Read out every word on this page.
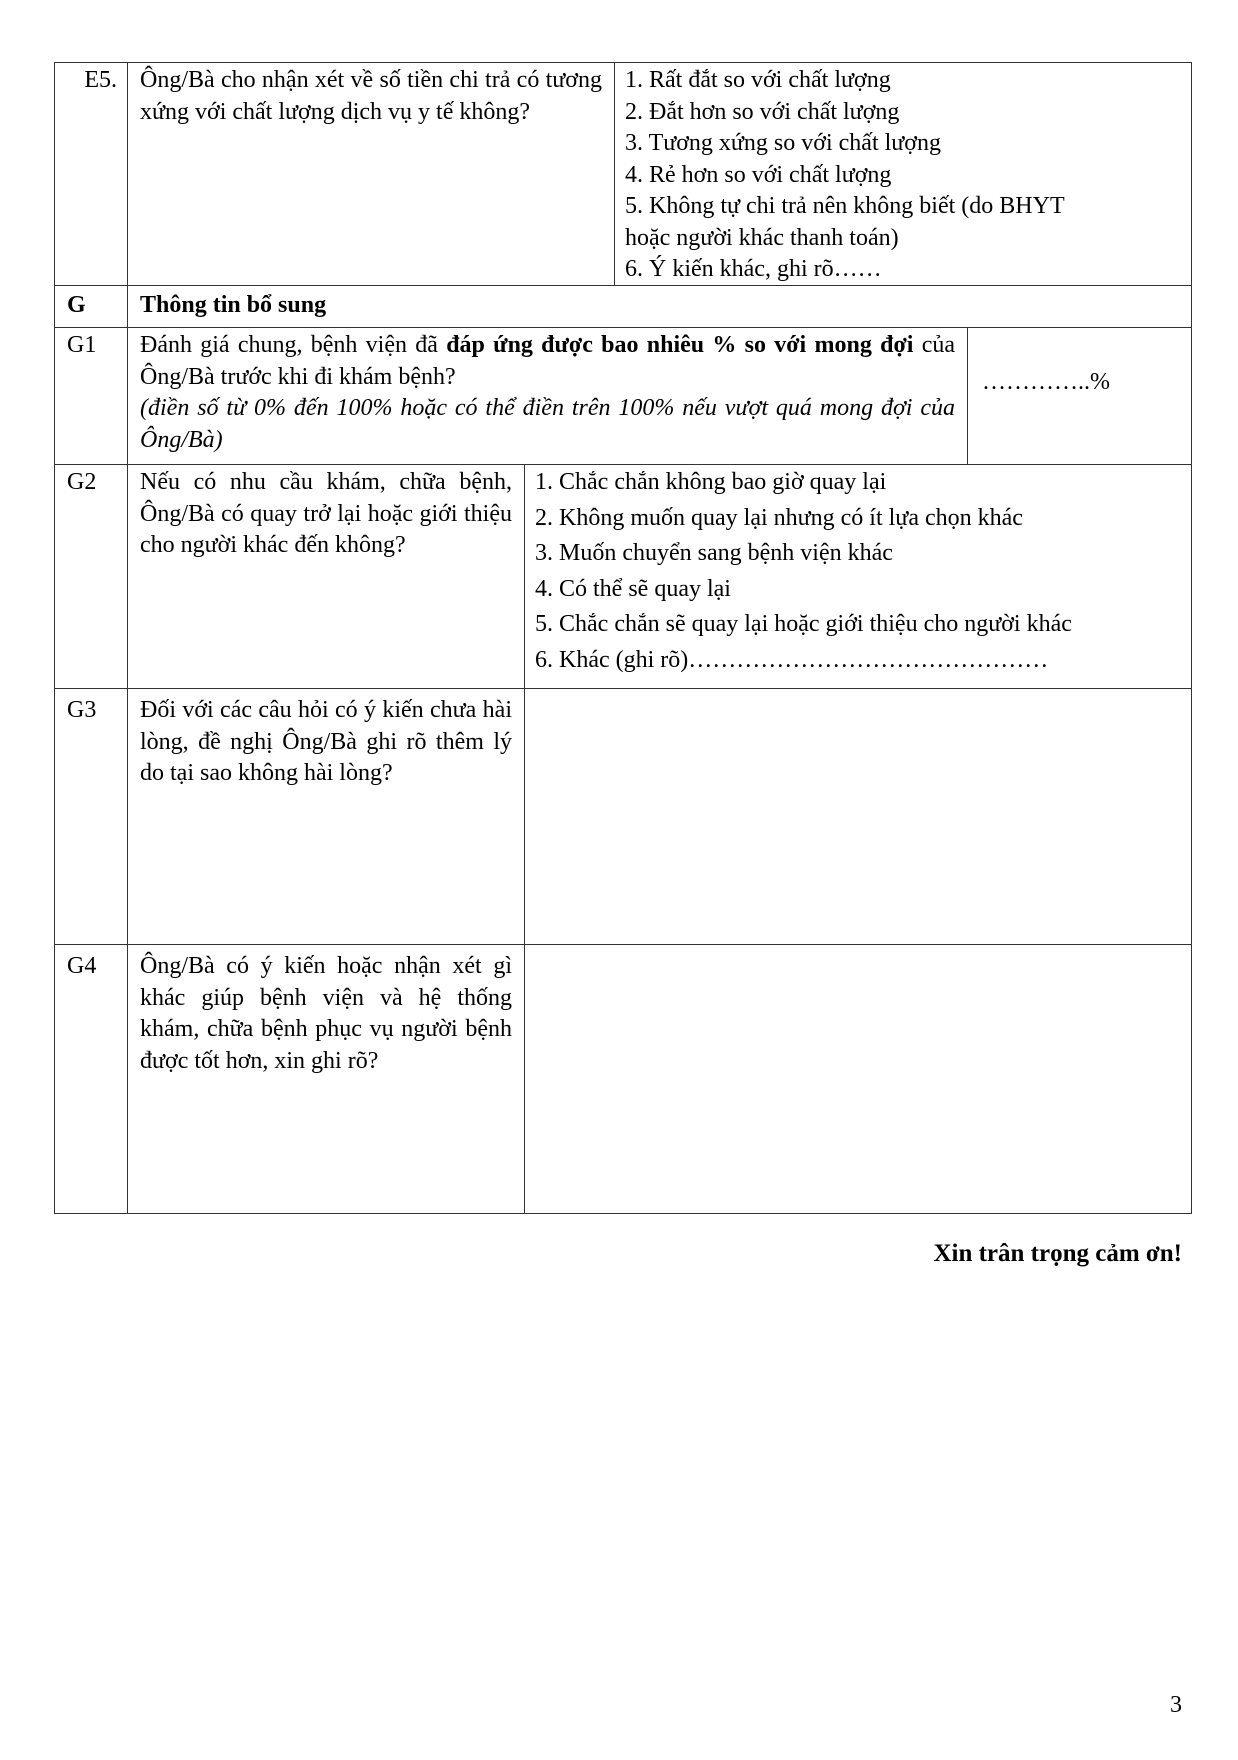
E5. Ông/Bà cho nhận xét về số tiền chi trả có tương xứng với chất lượng dịch vụ y tế không?
1. Rất đắt so với chất lượng
2. Đắt hơn so với chất lượng
3. Tương xứng so với chất lượng
4. Rẻ hơn so với chất lượng
5. Không tự chi trả nên không biết (do BHYT
hoặc người khác thanh toán)
6. Ý kiến khác, ghi rõ……
G	Thông tin bổ sung
G1	Đánh giá chung, bệnh viện đã đáp ứng được bao nhiêu % so với mong đợi của Ông/Bà trước khi đi khám bệnh?
(điền số từ 0% đến 100% hoặc có thể điền trên 100% nếu vượt quá mong đợi của Ông/Bà)
…………..%
G2	Nếu có nhu cầu khám, chữa bệnh, Ông/Bà có quay trở lại hoặc giới thiệu cho người khác đến không?
1. Chắc chắn không bao giờ quay lại
2. Không muốn quay lại nhưng có ít lựa chọn khác
3. Muốn chuyển sang bệnh viện khác
4. Có thể sẽ quay lại
5. Chắc chắn sẽ quay lại hoặc giới thiệu cho người khác
6. Khác (ghi rõ)………………………………………
G3	Đối với các câu hỏi có ý kiến chưa hài lòng, đề nghị Ông/Bà ghi rõ thêm lý do tại sao không hài lòng?
G4	Ông/Bà có ý kiến hoặc nhận xét gì khác giúp bệnh viện và hệ thống khám, chữa bệnh phục vụ người bệnh được tốt hơn, xin ghi rõ?
Xin trân trọng cảm ơn!
3
